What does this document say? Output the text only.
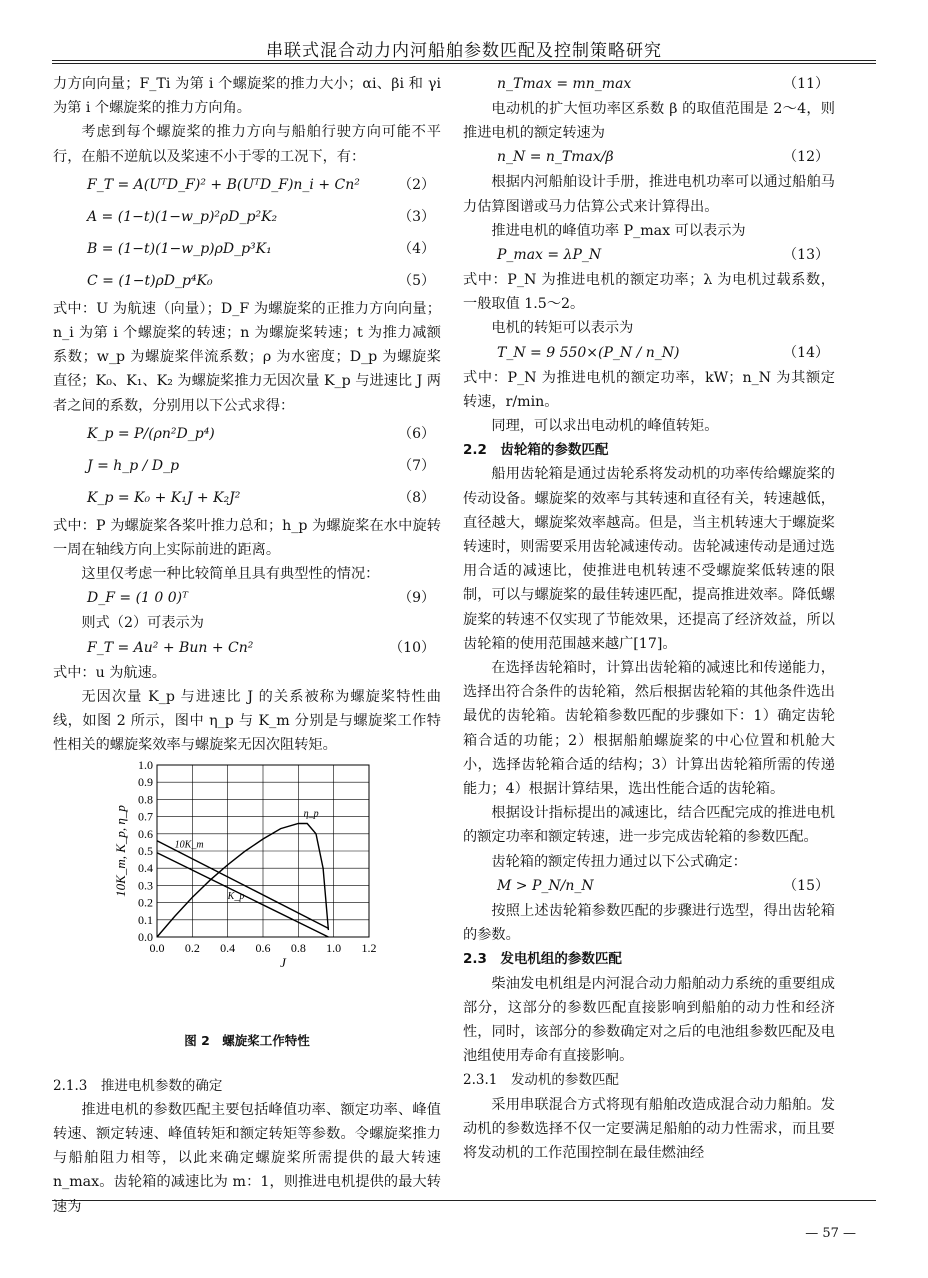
串联式混合动力内河船舶参数匹配及控制策略研究

力方向向量；F_Ti 为第 i 个螺旋桨的推力大小；αi、βi 和 γi 为第 i 个螺旋桨的推力方向角。

考虑到每个螺旋桨的推力方向与船舶行驶方向可能不平行，在船不逆航以及桨速不小于零的工况下，有：

F_T = A(UᵀD_F)² + B(UᵀD_F)n_i + Cn²	（2）
A = (1−t)(1−w_p)²ρD_p²K₂	（3）
B = (1−t)(1−w_p)ρD_p³K₁	（4）
C = (1−t)ρD_p⁴K₀	（5）

式中：U 为航速（向量）；D_F 为螺旋桨的正推力方向向量；n_i 为第 i 个螺旋桨的转速；n 为螺旋桨转速；t 为推力减额系数；w_p 为螺旋桨伴流系数；ρ 为水密度；D_p 为螺旋桨直径；K₀、K₁、K₂ 为螺旋桨推力无因次量 K_p 与进速比 J 两者之间的系数，分别用以下公式求得：

K_p = P/(ρn²D_p⁴)	（6）
J = h_p / D_p	（7）
K_p = K₀ + K₁J + K₂J²	（8）

式中：P 为螺旋桨各桨叶推力总和；h_p 为螺旋桨在水中旋转一周在轴线方向上实际前进的距离。

这里仅考虑一种比较简单且具有典型性的情况：

D_F = (1 0 0)ᵀ	（9）

则式（2）可表示为

F_T = Au² + Bun + Cn²	（10）

式中：u 为航速。

无因次量 K_p 与进速比 J 的关系被称为螺旋桨特性曲线，如图 2 所示，图中 η_p 与 K_m 分别是与螺旋桨工作特性相关的螺旋桨效率与螺旋桨无因次阻转矩。

0.0
0.1
0.2
0.3
0.4
0.5
0.6
0.7
0.8
0.9
1.0
0.0 0.2 0.4 0.6 0.8 1.0 1.2
J
10K_m, K_p, η_p	η_p
10K_m
K_p
图 2　螺旋桨工作特性

2.1.3　推进电机参数的确定

推进电机的参数匹配主要包括峰值功率、额定功率、峰值转速、额定转速、峰值转矩和额定转矩等参数。令螺旋桨推力与船舶阻力相等，以此来确定螺旋桨所需提供的最大转速 n_max。齿轮箱的减速比为 m：1，则推进电机提供的最大转速为

n_Tmax = mn_max	（11）

电动机的扩大恒功率区系数 β 的取值范围是 2～4，则推进电机的额定转速为

n_N = n_Tmax/β	（12）

根据内河船舶设计手册，推进电机功率可以通过船舶马力估算图谱或马力估算公式来计算得出。

推进电机的峰值功率 P_max 可以表示为

P_max = λP_N	（13）

式中：P_N 为推进电机的额定功率；λ 为电机过载系数，一般取值 1.5～2。

电机的转矩可以表示为

T_N = 9 550×(P_N / n_N)	（14）

式中：P_N 为推进电机的额定功率，kW；n_N 为其额定转速，r/min。

同理，可以求出电动机的峰值转矩。

2.2　齿轮箱的参数匹配

船用齿轮箱是通过齿轮系将发动机的功率传给螺旋桨的传动设备。螺旋桨的效率与其转速和直径有关，转速越低，直径越大，螺旋桨效率越高。但是，当主机转速大于螺旋桨转速时，则需要采用齿轮减速传动。齿轮减速传动是通过选用合适的减速比，使推进电机转速不受螺旋桨低转速的限制，可以与螺旋桨的最佳转速匹配，提高推进效率。降低螺旋桨的转速不仅实现了节能效果，还提高了经济效益，所以齿轮箱的使用范围越来越广[17]。

在选择齿轮箱时，计算出齿轮箱的减速比和传递能力，选择出符合条件的齿轮箱，然后根据齿轮箱的其他条件选出最优的齿轮箱。齿轮箱参数匹配的步骤如下：1）确定齿轮箱合适的功能；2）根据船舶螺旋桨的中心位置和机舱大小，选择齿轮箱合适的结构；3）计算出齿轮箱所需的传递能力；4）根据计算结果，选出性能合适的齿轮箱。

根据设计指标提出的减速比，结合匹配完成的推进电机的额定功率和额定转速，进一步完成齿轮箱的参数匹配。

齿轮箱的额定传扭力通过以下公式确定：

M > P_N/n_N	（15）

按照上述齿轮箱参数匹配的步骤进行选型，得出齿轮箱的参数。

2.3　发电机组的参数匹配

柴油发电机组是内河混合动力船舶动力系统的重要组成部分，这部分的参数匹配直接影响到船舶的动力性和经济性，同时，该部分的参数确定对之后的电池组参数匹配及电池组使用寿命有直接影响。

2.3.1　发动机的参数匹配

采用串联混合方式将现有船舶改造成混合动力船舶。发动机的参数选择不仅一定要满足船舶的动力性需求，而且要将发动机的工作范围控制在最佳燃油经

— 57 —
